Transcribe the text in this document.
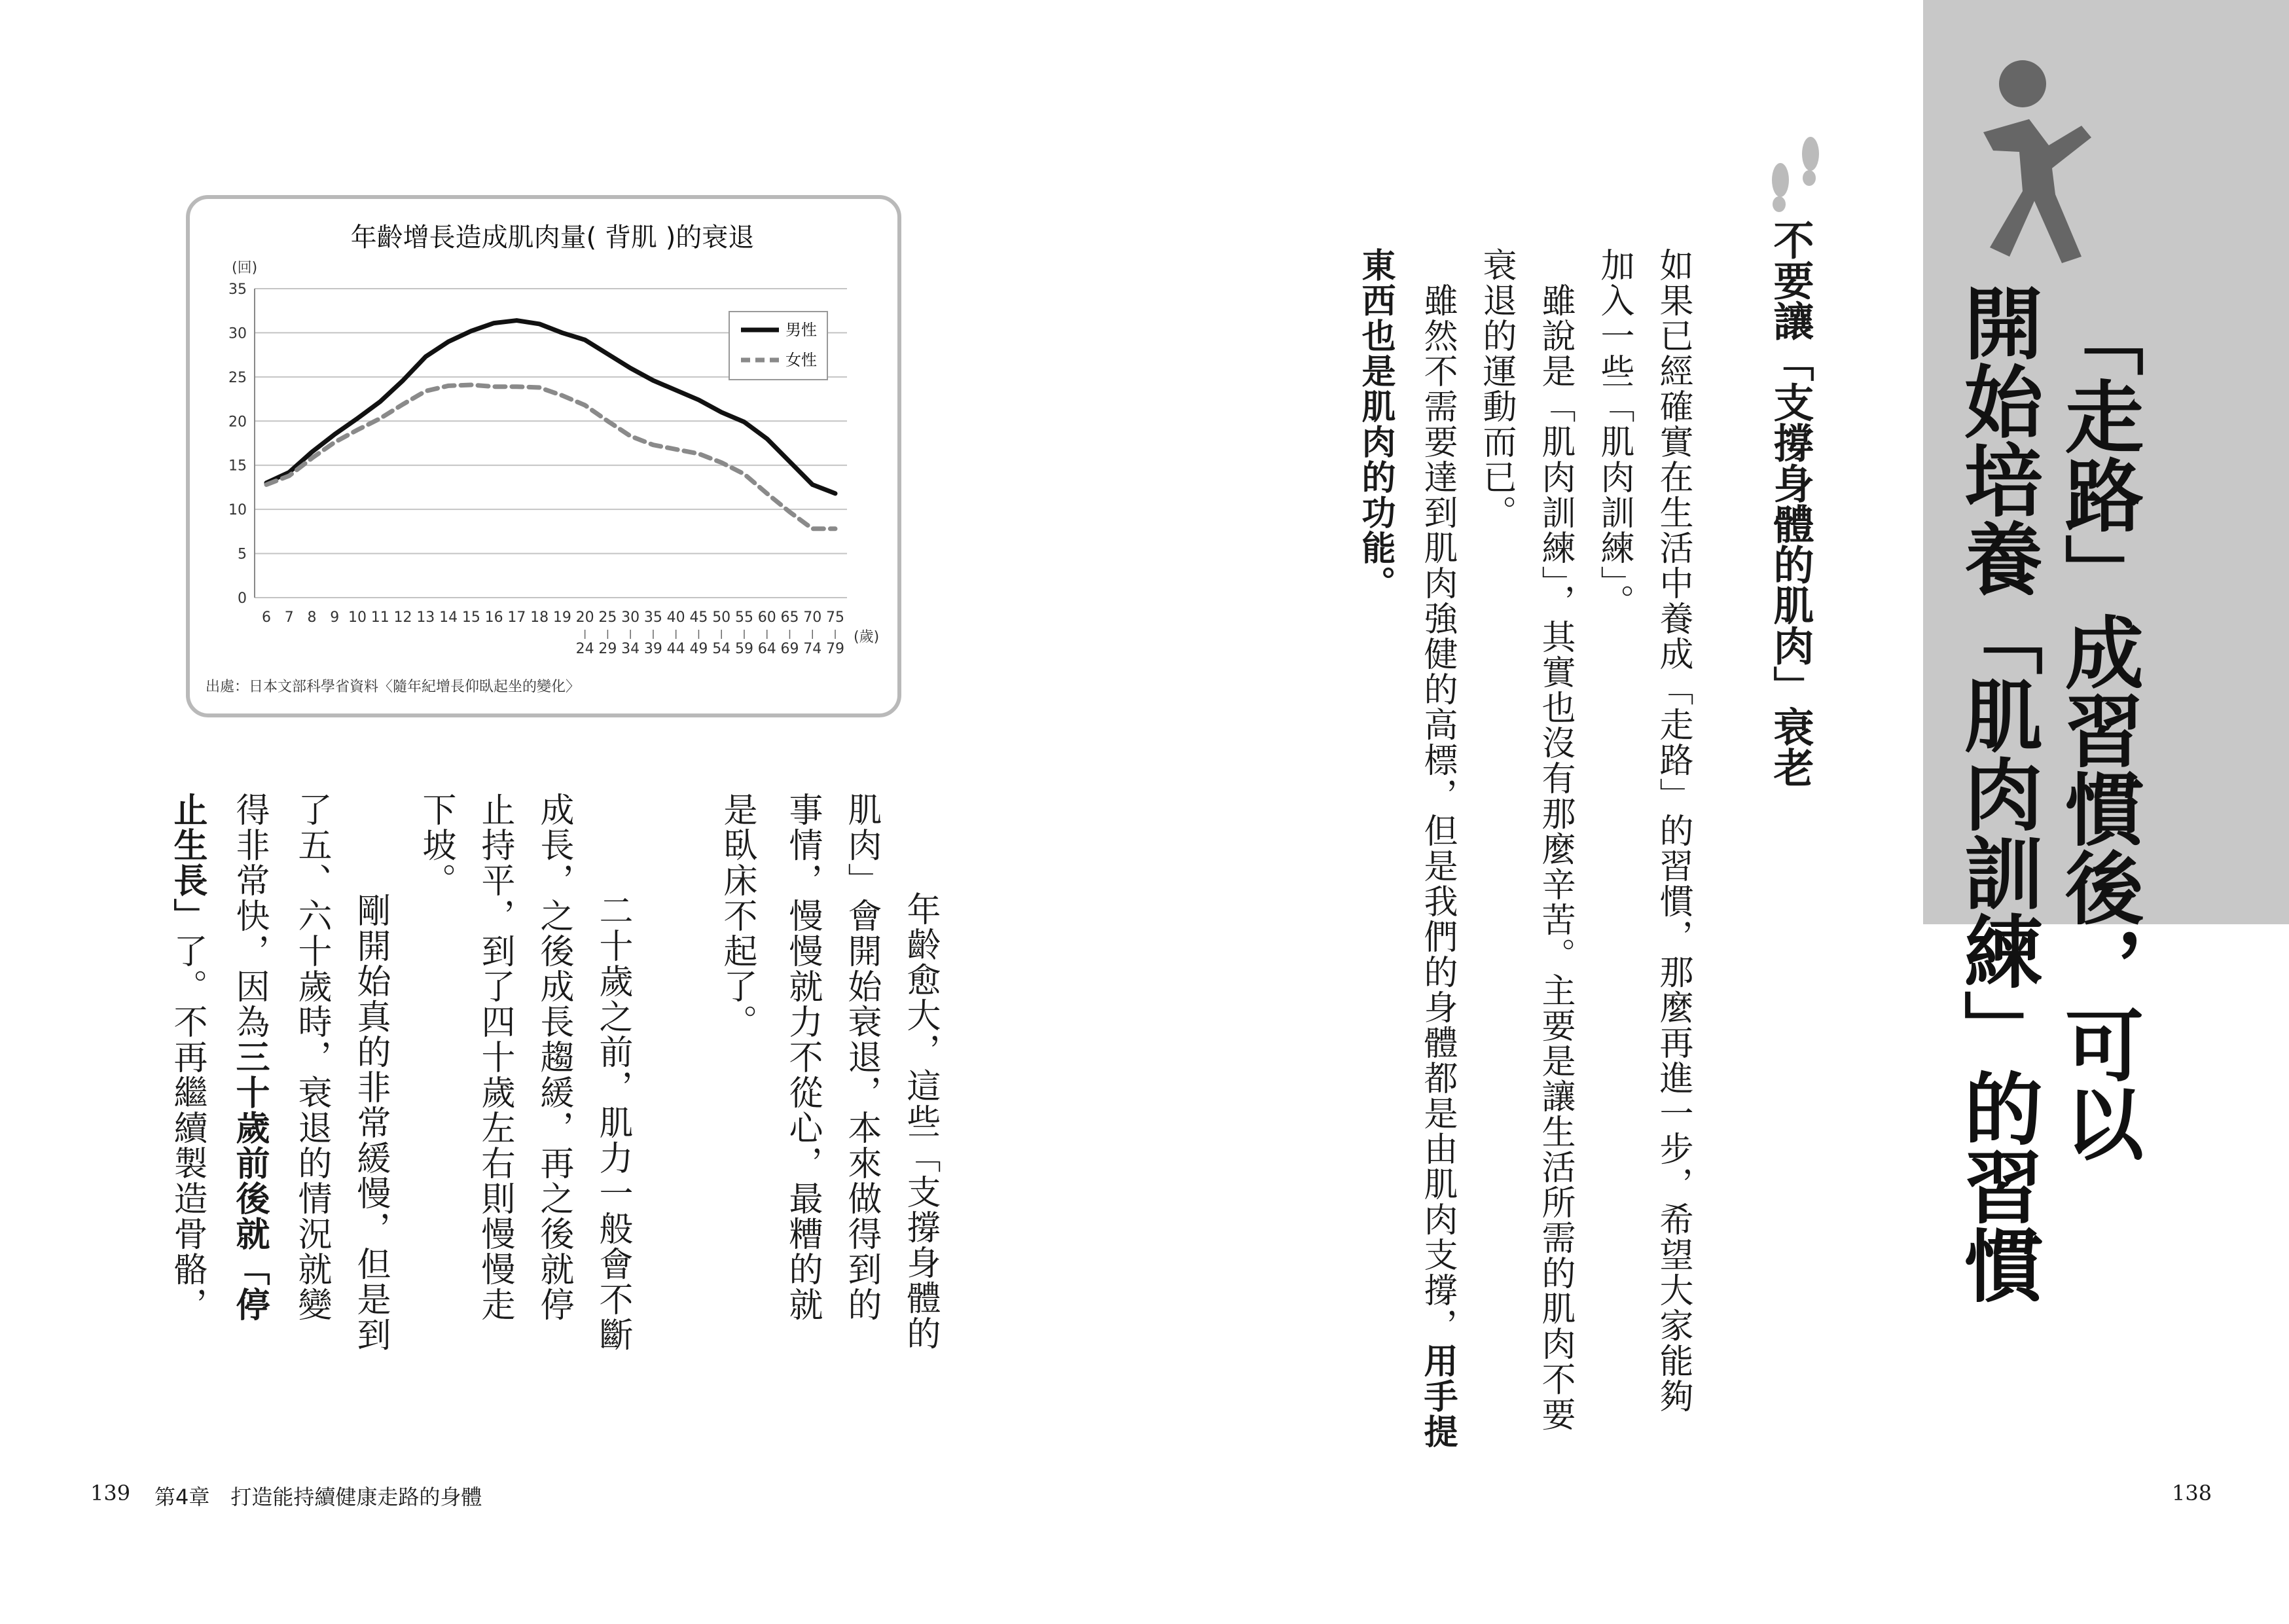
「走路」成習慣後，可以
開始培養「肌肉訓練」的習慣
不要讓「支撐身體的肌肉」衰老
如果已經確實在生活中養成「走路」的習慣，那麼再進一步，希望大家能夠
加入一些「肌肉訓練」。
　雖說是「肌肉訓練」，其實也沒有那麼辛苦。主要是讓生活所需的肌肉不要
衰退的運動而已。
　雖然不需要達到肌肉強健的高標，但是我們的身體都是由肌肉支撐，用手提
東西也是肌肉的功能。
138
年齡增長造成肌肉量( 背肌 )的衰退
(回)
(歲)
0
5
10
15
20
25
30
35
6 7 8 9 10 11 12 13 14 15 16 17 18 19 20
24
25
29
30
34
35
39
40
44
45
49
50
54
55
59
60
64
65
69
70
74
75
79
男性
女性
出處：日本文部科學省資料〈隨年紀增長仰臥起坐的變化〉
　年齡愈大，這些「支撐身體的
肌肉」會開始衰退，本來做得到的
事情，慢慢就力不從心，最糟的就
是臥床不起了。
　二十歲之前，肌力一般會不斷
成長，之後成長趨緩，再之後就停
止持平，到了四十歲左右則慢慢走
下坡。
　剛開始真的非常緩慢，但是到
了五、六十歲時，衰退的情況就變
得非常快，因為三十歲前後就「停
止生長」了。不再繼續製造骨骼，
139 第4章　打造能持續健康走路的身體
